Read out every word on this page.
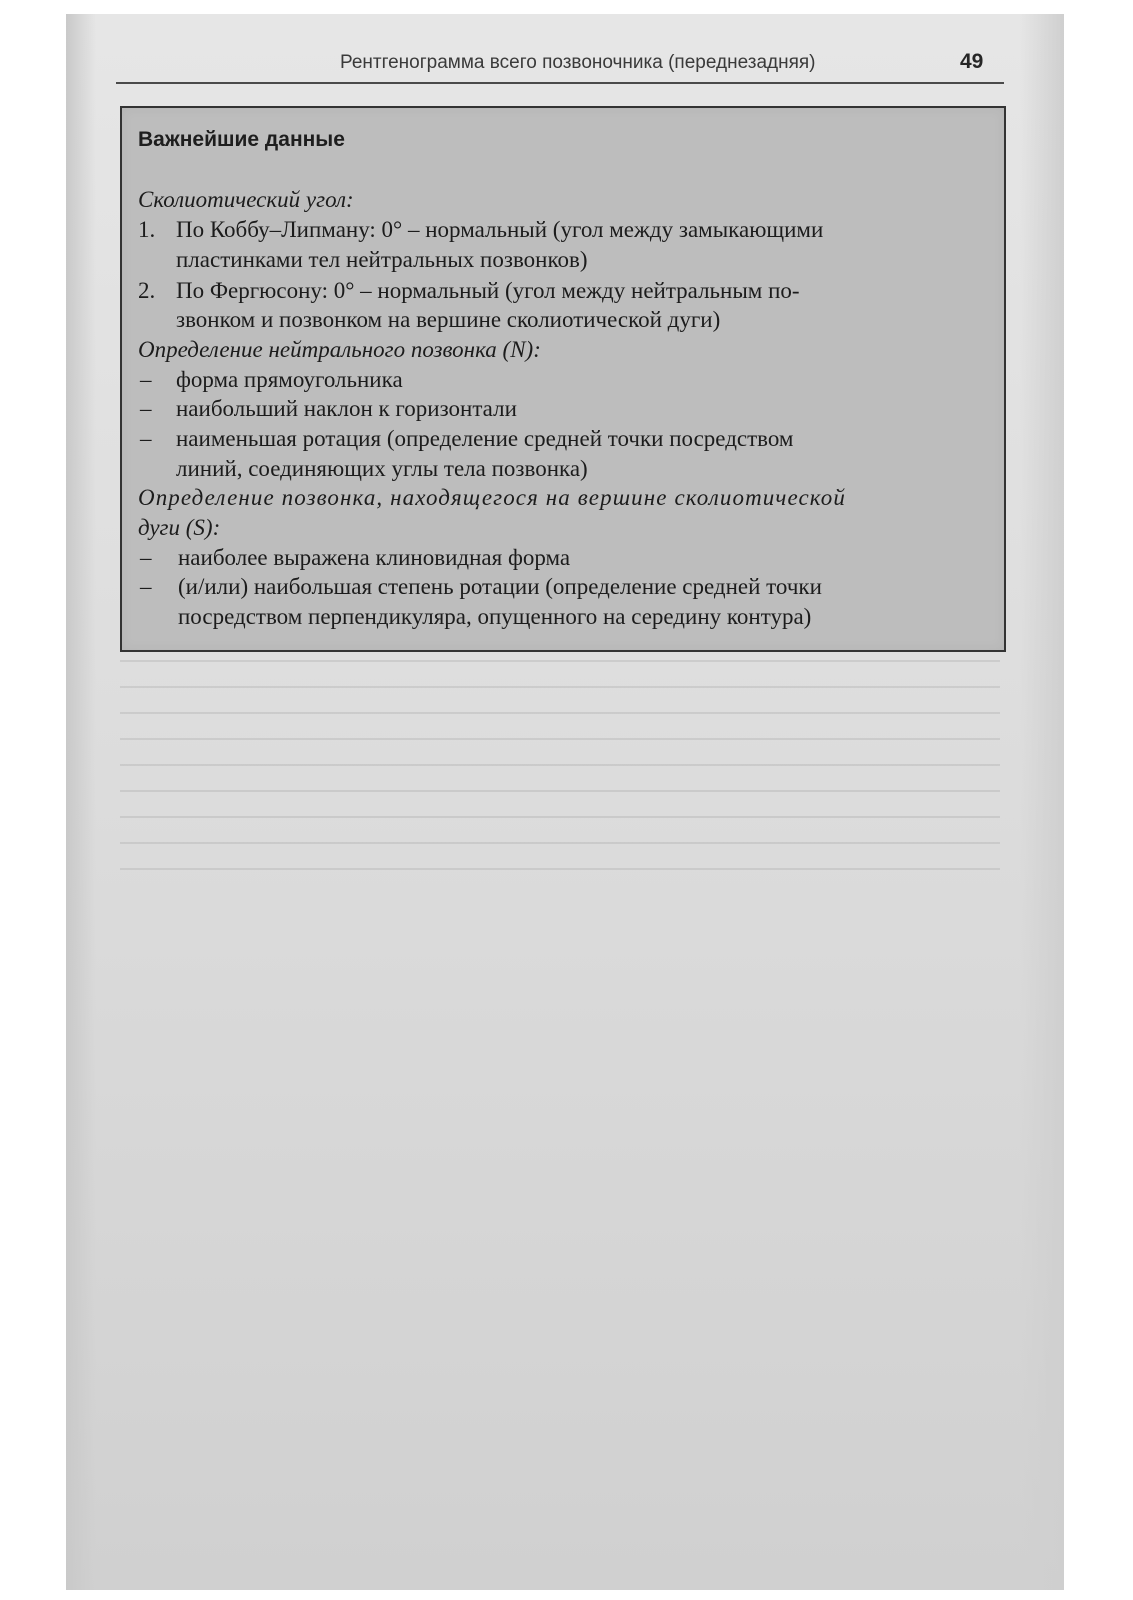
Рентгенограмма всего позвоночника (переднезадняя)	49
Важнейшие данные
Сколиотический угол:
1. По Коббу–Липману: 0° – нормальный (угол между замыкающими
пластинками тел нейтральных позвонков)
2. По Фергюсону: 0° – нормальный (угол между нейтральным по-
звонком и позвонком на вершине сколиотической дуги)
Определение нейтрального позвонка (N):
– форма прямоугольника
– наибольший наклон к горизонтали
– наименьшая ротация (определение средней точки посредством
линий, соединяющих углы тела позвонка)
Определение позвонка, находящегося на вершине сколиотической
дуги (S):
– наиболее выражена клиновидная форма
– (и/или) наибольшая степень ротации (определение средней точки
посредством перпендикуляра, опущенного на середину контура)
